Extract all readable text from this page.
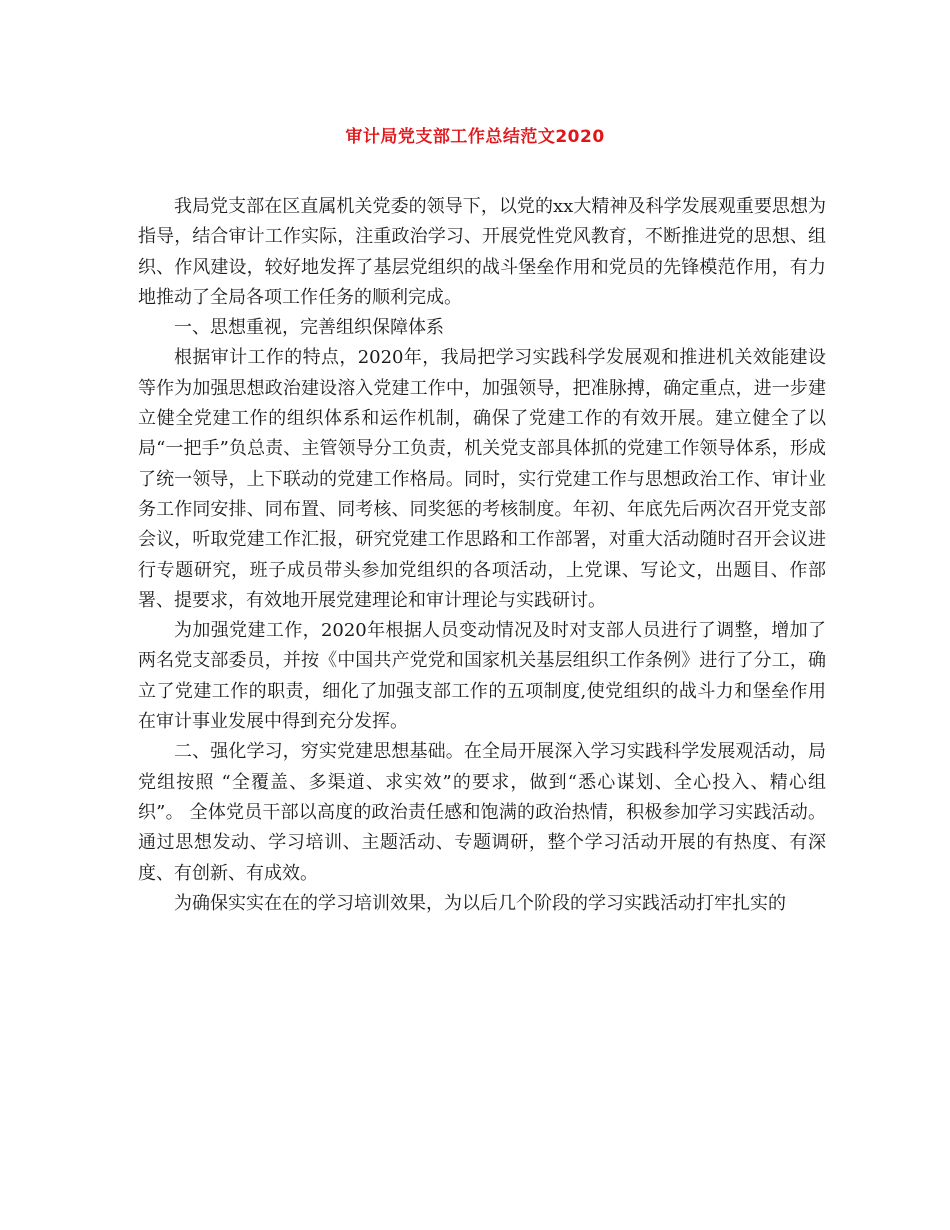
审计局党支部工作总结范文2020

我局党支部在区直属机关党委的领导下，以党的xx大精神及科学发展观重要思想为指导，结合审计工作实际，注重政治学习、开展党性党风教育，不断推进党的思想、组织、作风建设，较好地发挥了基层党组织的战斗堡垒作用和党员的先锋模范作用，有力地推动了全局各项工作任务的顺利完成。

一、思想重视，完善组织保障体系

根据审计工作的特点，2020年，我局把学习实践科学发展观和推进机关效能建设等作为加强思想政治建设溶入党建工作中，加强领导，把准脉搏，确定重点，进一步建立健全党建工作的组织体系和运作机制，确保了党建工作的有效开展。建立健全了以局“一把手”负总责、主管领导分工负责，机关党支部具体抓的党建工作领导体系，形成了统一领导，上下联动的党建工作格局。同时，实行党建工作与思想政治工作、审计业务工作同安排、同布置、同考核、同奖惩的考核制度。年初、年底先后两次召开党支部会议，听取党建工作汇报，研究党建工作思路和工作部署，对重大活动随时召开会议进行专题研究，班子成员带头参加党组织的各项活动，上党课、写论文，出题目、作部署、提要求，有效地开展党建理论和审计理论与实践研讨。

为加强党建工作，2020年根据人员变动情况及时对支部人员进行了调整，增加了两名党支部委员，并按《中国共产党党和国家机关基层组织工作条例》进行了分工，确立了党建工作的职责，细化了加强支部工作的五项制度,使党组织的战斗力和堡垒作用在审计事业发展中得到充分发挥。

二、强化学习，穷实党建思想基础。在全局开展深入学习实践科学发展观活动，局党组按照 “全覆盖、多渠道、求实效”的要求，做到“悉心谋划、全心投入、精心组织”。 全体党员干部以高度的政治责任感和饱满的政治热情，积极参加学习实践活动。通过思想发动、学习培训、主题活动、专题调研，整个学习活动开展的有热度、有深度、有创新、有成效。

为确保实实在在的学习培训效果，为以后几个阶段的学习实践活动打牢扎实的
